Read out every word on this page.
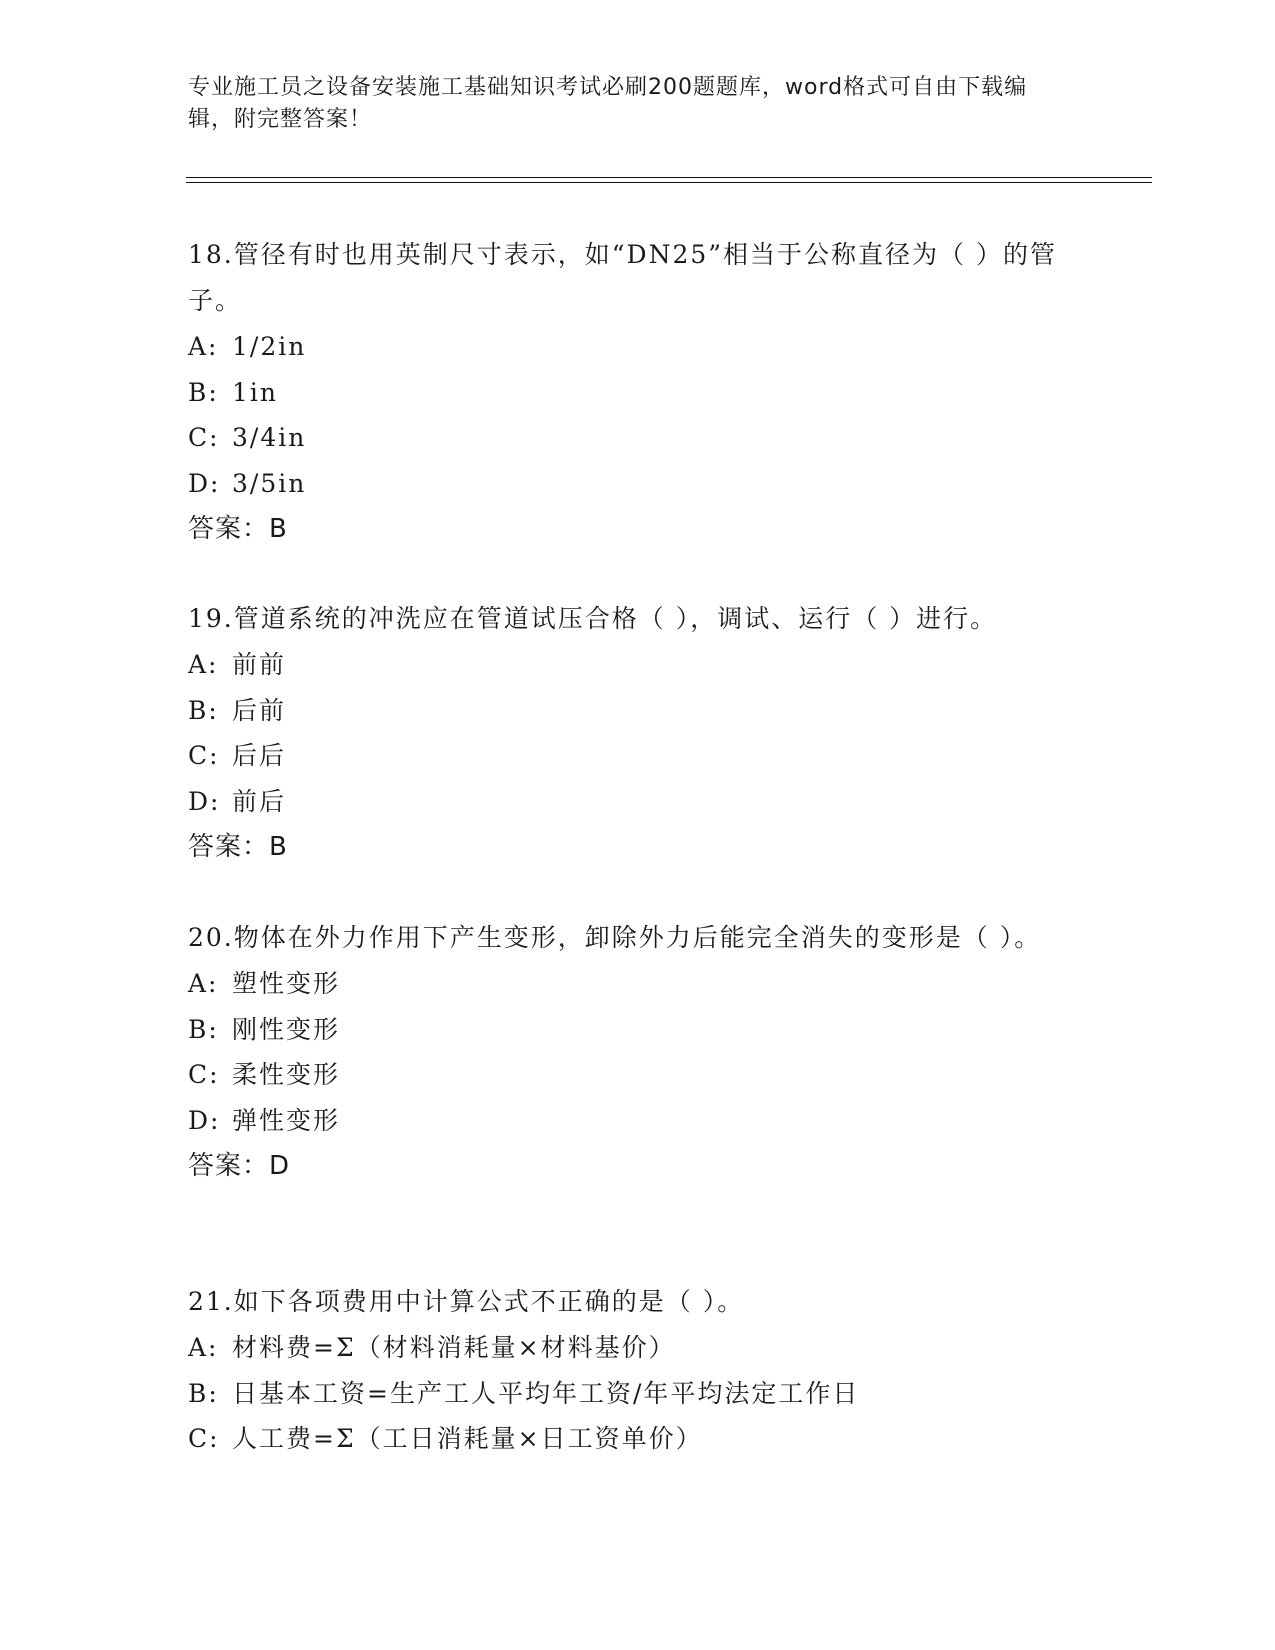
专业施工员之设备安装施工基础知识考试必刷200题题库，word格式可自由下载编辑，附完整答案！

18.管径有时也用英制尺寸表示，如“DN25”相当于公称直径为（ ）的管子。

A: 1/2in

B: 1in

C: 3/4in

D: 3/5in

答案：B

19.管道系统的冲洗应在管道试压合格（ ），调试、运行（ ）进行。

A: 前前

B: 后前

C: 后后

D: 前后

答案：B

20.物体在外力作用下产生变形，卸除外力后能完全消失的变形是（ ）。

A: 塑性变形

B: 刚性变形

C: 柔性变形

D: 弹性变形

答案：D

21.如下各项费用中计算公式不正确的是（ ）。

A: 材料费=Σ（材料消耗量×材料基价）

B: 日基本工资=生产工人平均年工资/年平均法定工作日

C: 人工费=Σ（工日消耗量×日工资单价）
